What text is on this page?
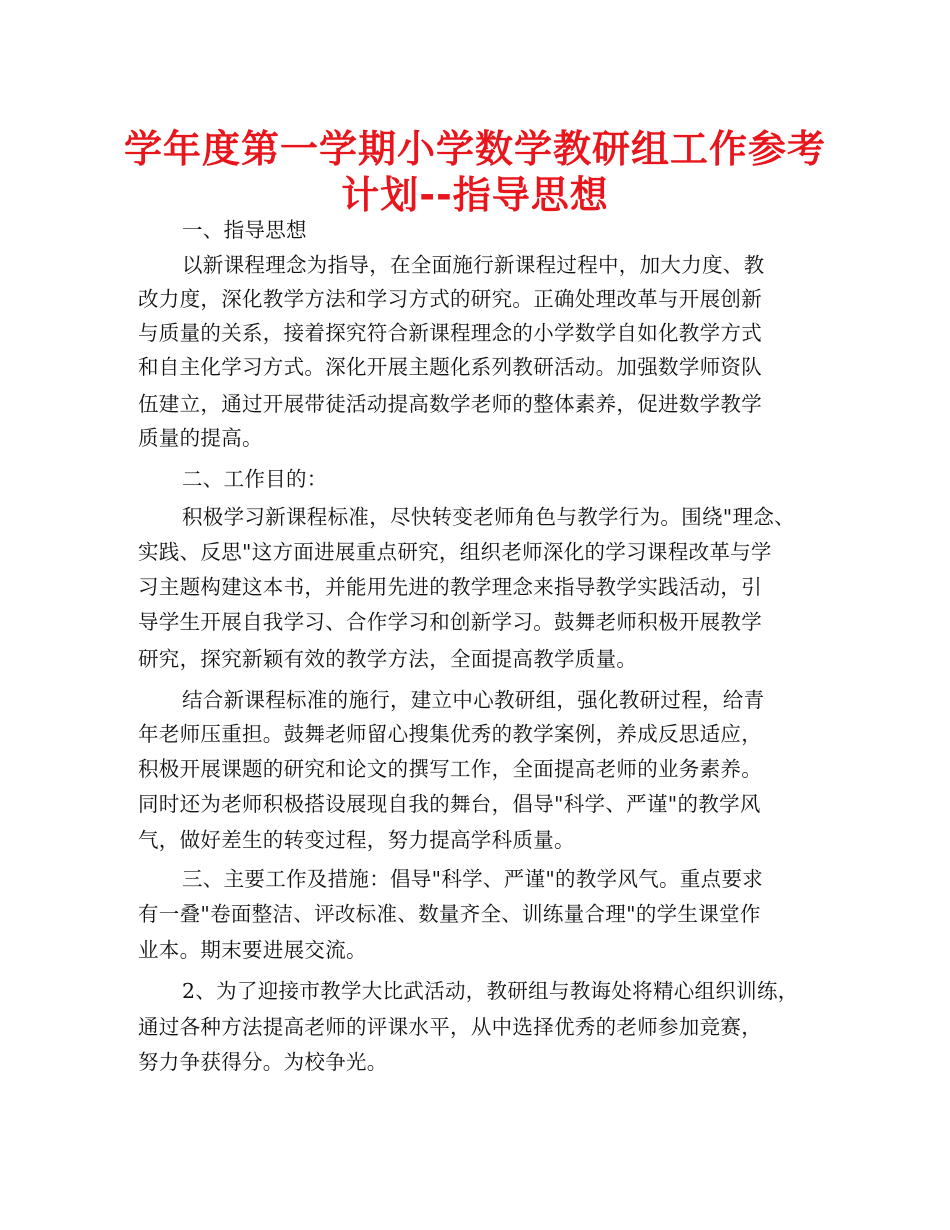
学年度第一学期小学数学教研组工作参考
计划--指导思想
一、指导思想
以新课程理念为指导，在全面施行新课程过程中，加大力度、教
改力度，深化教学方法和学习方式的研究。正确处理改革与开展创新
与质量的关系，接着探究符合新课程理念的小学数学自如化教学方式
和自主化学习方式。深化开展主题化系列教研活动。加强数学师资队
伍建立，通过开展带徒活动提高数学老师的整体素养，促进数学教学
质量的提高。
二、工作目的：
积极学习新课程标准，尽快转变老师角色与教学行为。围绕"理念、
实践、反思"这方面进展重点研究，组织老师深化的学习课程改革与学
习主题构建这本书，并能用先进的教学理念来指导教学实践活动，引
导学生开展自我学习、合作学习和创新学习。鼓舞老师积极开展教学
研究，探究新颖有效的教学方法，全面提高教学质量。
结合新课程标准的施行，建立中心教研组，强化教研过程，给青
年老师压重担。鼓舞老师留心搜集优秀的教学案例，养成反思适应，
积极开展课题的研究和论文的撰写工作，全面提高老师的业务素养。
同时还为老师积极搭设展现自我的舞台，倡导"科学、严谨"的教学风
气，做好差生的转变过程，努力提高学科质量。
三、主要工作及措施：倡导"科学、严谨"的教学风气。重点要求
有一叠"卷面整洁、评改标准、数量齐全、训练量合理"的学生课堂作
业本。期末要进展交流。
2、为了迎接市教学大比武活动，教研组与教诲处将精心组织训练，
通过各种方法提高老师的评课水平，从中选择优秀的老师参加竞赛，
努力争获得分。为校争光。
